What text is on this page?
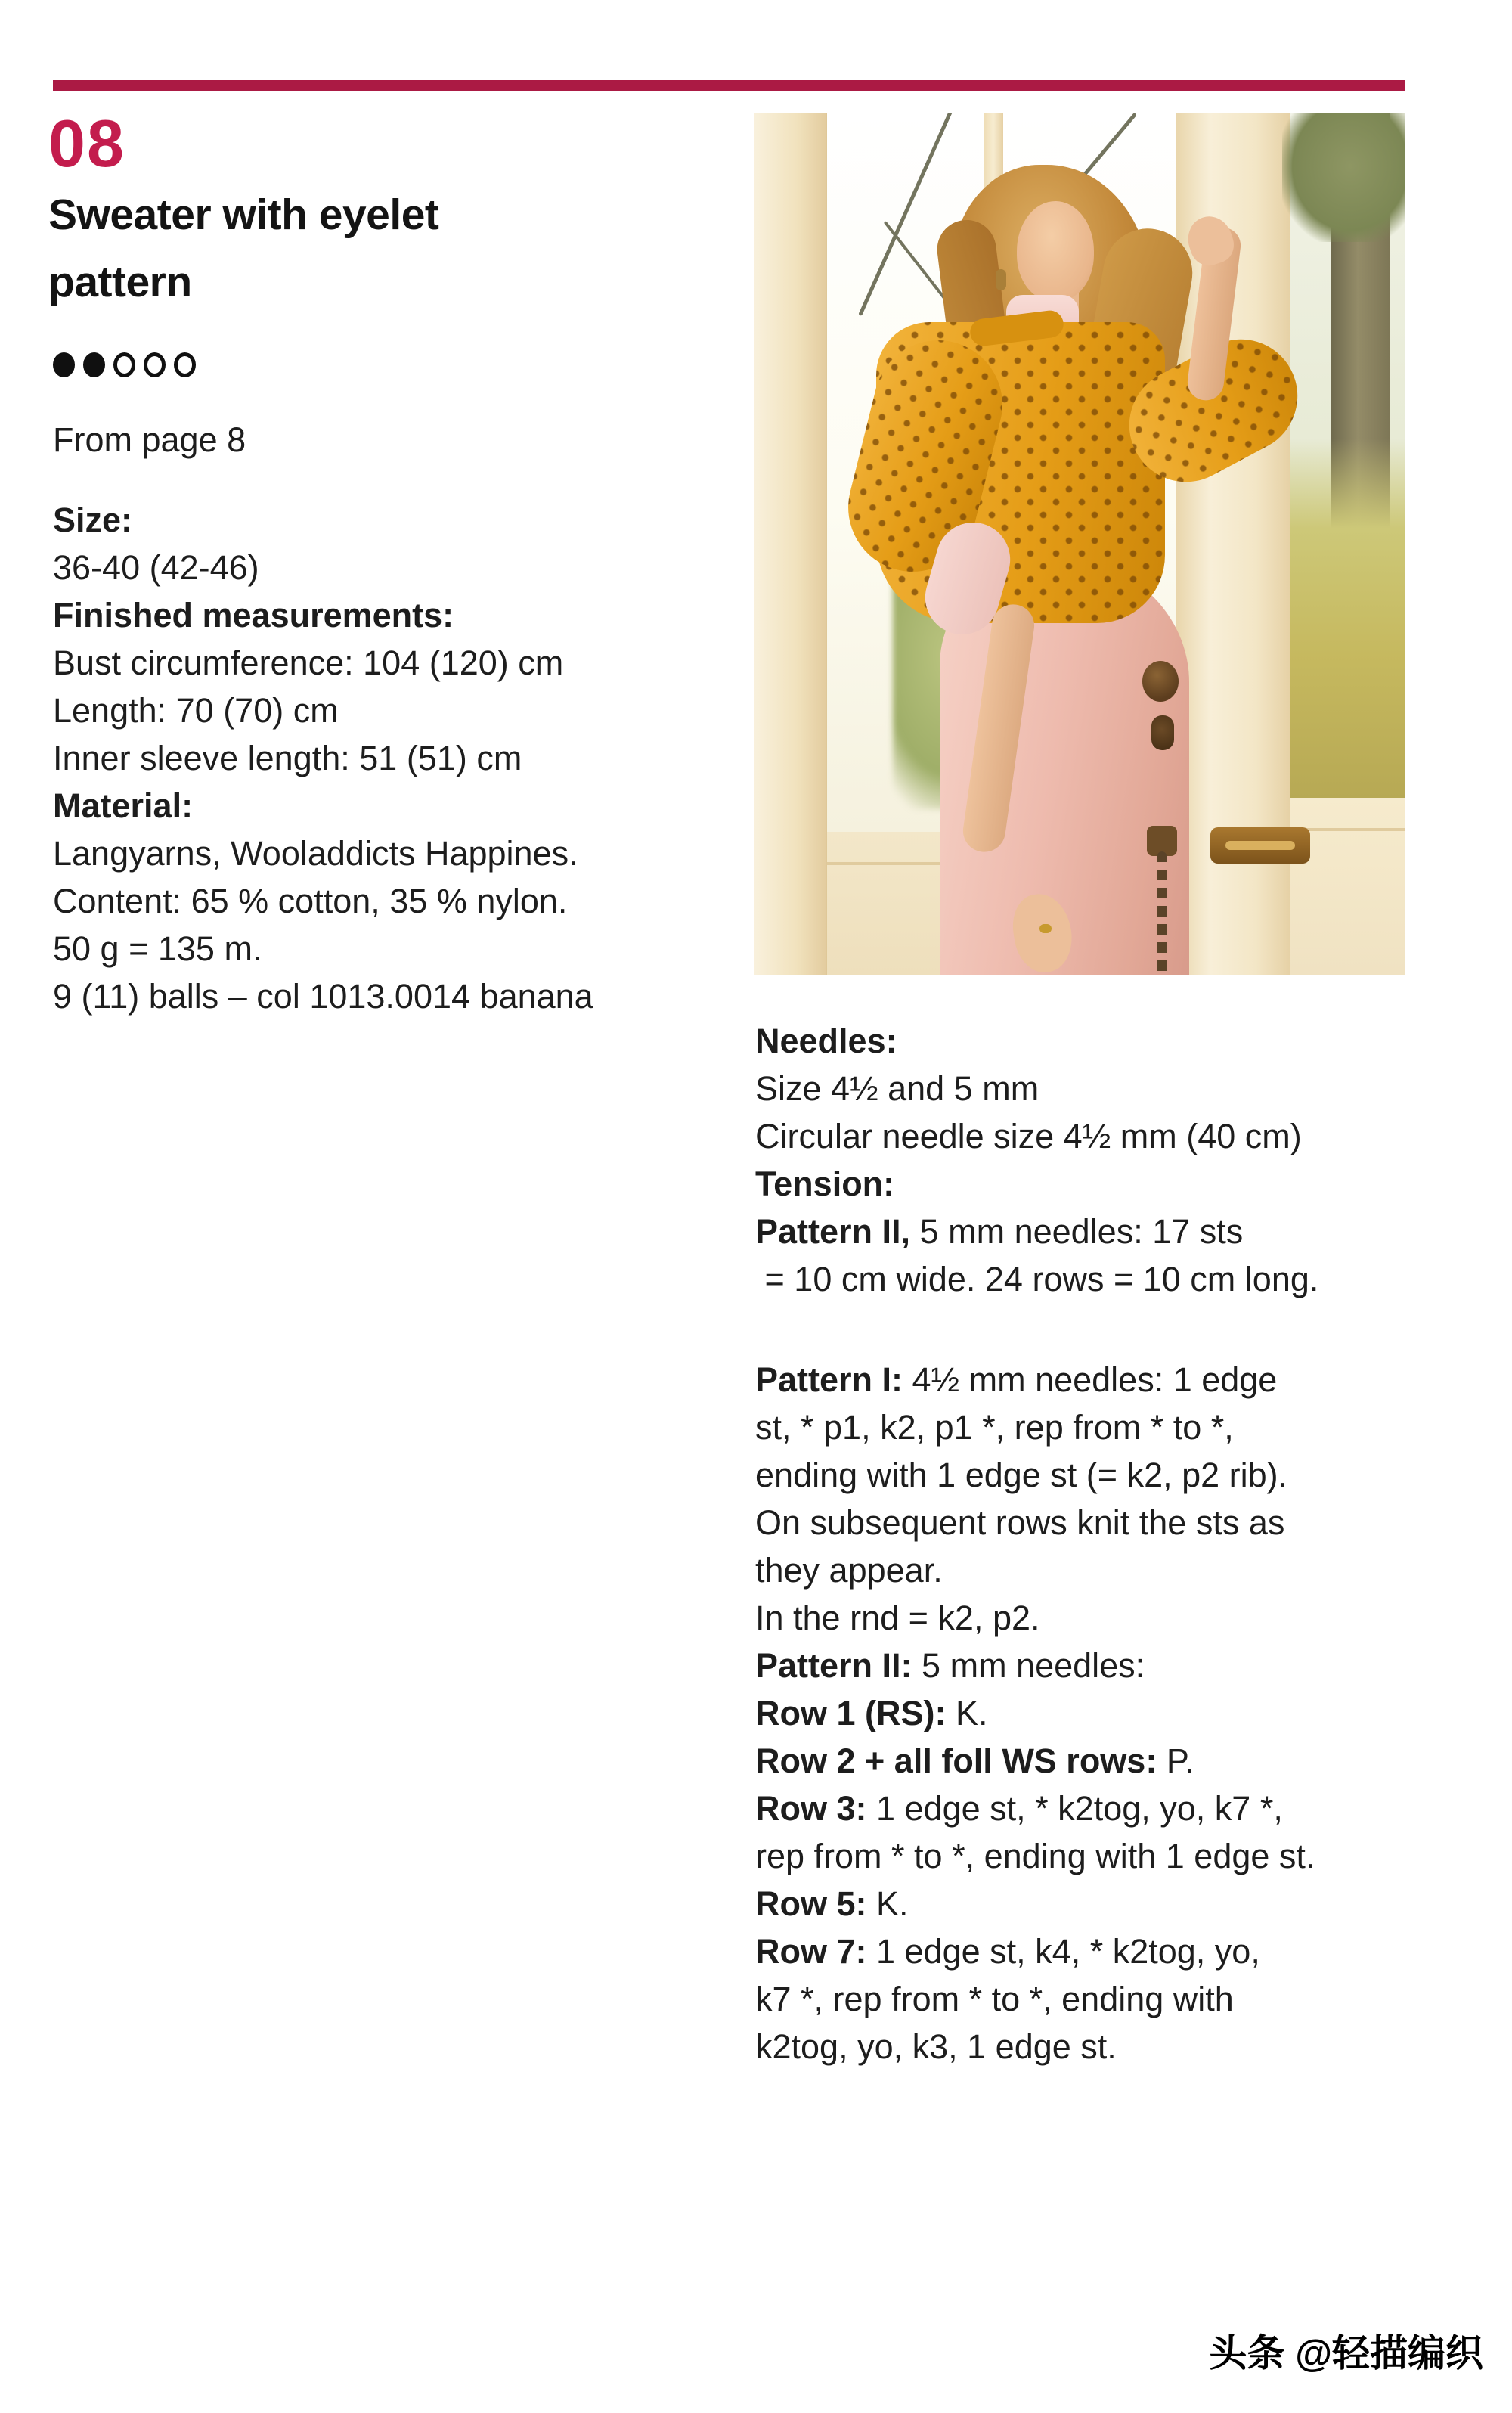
08
Sweater with eyelet pattern
From page 8
Size:
36-40 (42-46)
Finished measurements:
Bust circumference: 104 (120) cm
Length: 70 (70) cm
Inner sleeve length: 51 (51) cm
Material:
Langyarns, Wooladdicts Happines.
Content: 65 % cotton, 35 % nylon.
50 g = 135 m.
9 (11) balls – col 1013.0014 banana
Needles:
Size 4½ and 5 mm
Circular needle size 4½ mm (40 cm)
Tension:
Pattern II, 5 mm needles: 17 sts
= 10 cm wide. 24 rows = 10 cm long.
Pattern I: 4½ mm needles: 1 edge
st, * p1, k2, p1 *, rep from * to *,
ending with 1 edge st (= k2, p2 rib).
On subsequent rows knit the sts as
they appear.
In the rnd = k2, p2.
Pattern II: 5 mm needles:
Row 1 (RS): K.
Row 2 + all foll WS rows: P.
Row 3: 1 edge st, * k2tog, yo, k7 *,
rep from * to *, ending with 1 edge st.
Row 5: K.
Row 7: 1 edge st, k4, * k2tog, yo,
k7 *, rep from * to *, ending with
k2tog, yo, k3, 1 edge st.
头条 @轻描编织
